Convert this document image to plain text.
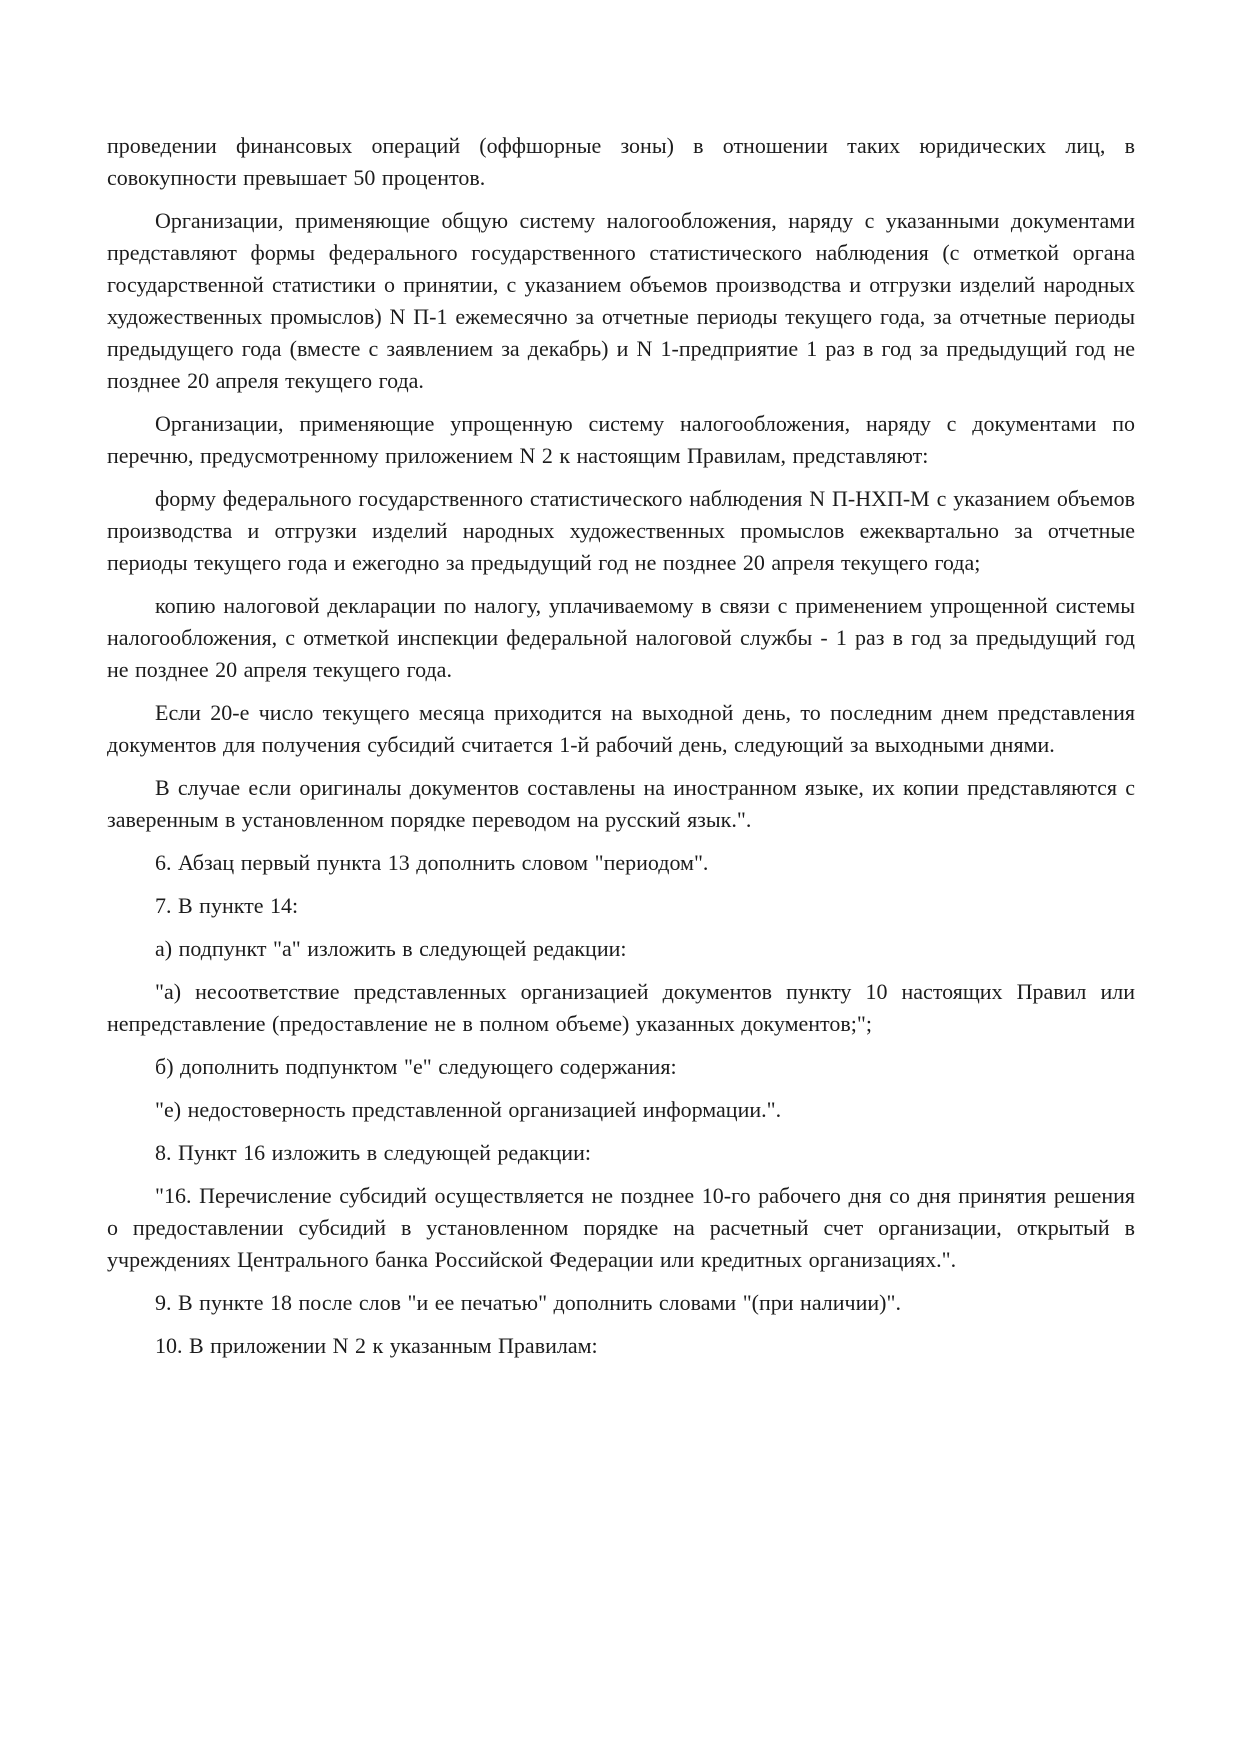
проведении финансовых операций (оффшорные зоны) в отношении таких юридических лиц, в совокупности превышает 50 процентов.

Организации, применяющие общую систему налогообложения, наряду с указанными документами представляют формы федерального государственного статистического наблюдения (с отметкой органа государственной статистики о принятии, с указанием объемов производства и отгрузки изделий народных художественных промыслов) N П-1 ежемесячно за отчетные периоды текущего года, за отчетные периоды предыдущего года (вместе с заявлением за декабрь) и N 1-предприятие 1 раз в год за предыдущий год не позднее 20 апреля текущего года.

Организации, применяющие упрощенную систему налогообложения, наряду с документами по перечню, предусмотренному приложением N 2 к настоящим Правилам, представляют:

форму федерального государственного статистического наблюдения N П-НХП-М с указанием объемов производства и отгрузки изделий народных художественных промыслов ежеквартально за отчетные периоды текущего года и ежегодно за предыдущий год не позднее 20 апреля текущего года;

копию налоговой декларации по налогу, уплачиваемому в связи с применением упрощенной системы налогообложения, с отметкой инспекции федеральной налоговой службы - 1 раз в год за предыдущий год не позднее 20 апреля текущего года.

Если 20-е число текущего месяца приходится на выходной день, то последним днем представления документов для получения субсидий считается 1-й рабочий день, следующий за выходными днями.

В случае если оригиналы документов составлены на иностранном языке, их копии представляются с заверенным в установленном порядке переводом на русский язык.".

6. Абзац первый пункта 13 дополнить словом "периодом".

7. В пункте 14:

а) подпункт "а" изложить в следующей редакции:

"а) несоответствие представленных организацией документов пункту 10 настоящих Правил или непредставление (предоставление не в полном объеме) указанных документов;";

б) дополнить подпунктом "е" следующего содержания:

"е) недостоверность представленной организацией информации.".

8. Пункт 16 изложить в следующей редакции:

"16. Перечисление субсидий осуществляется не позднее 10-го рабочего дня со дня принятия решения о предоставлении субсидий в установленном порядке на расчетный счет организации, открытый в учреждениях Центрального банка Российской Федерации или кредитных организациях.".

9. В пункте 18 после слов "и ее печатью" дополнить словами "(при наличии)".

10. В приложении N 2 к указанным Правилам:
